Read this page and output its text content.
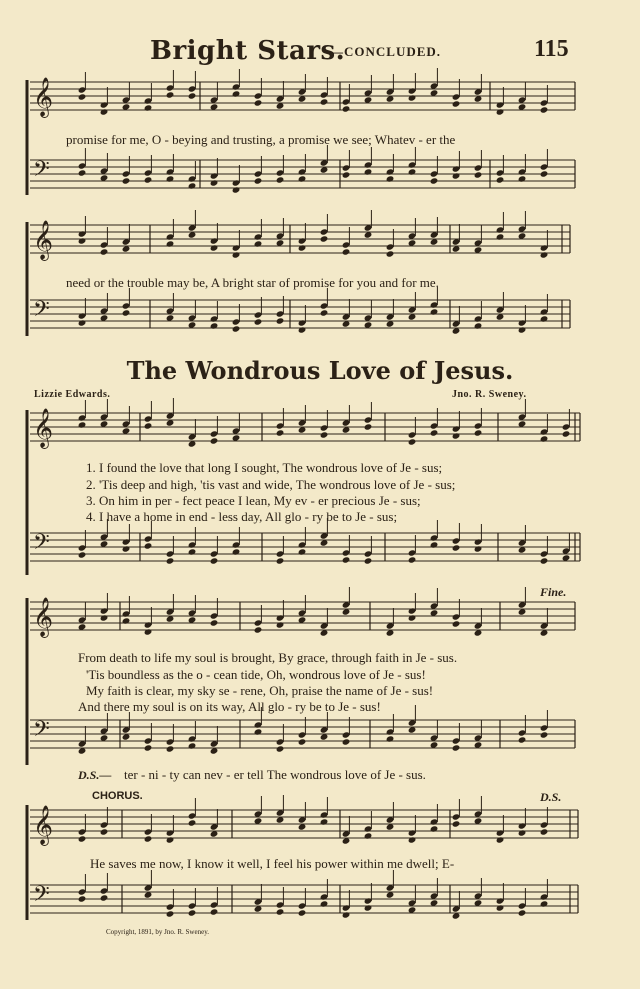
𝄞
𝄢
𝄞
𝄢
𝄞
𝄢
𝄞
𝄢
𝄞
𝄢
Bright Stars.
—CONCLUDED.	115
promise for me, O - beying and trusting, a promise we see; Whatev - er the
need or the trouble may be, A bright star of promise for you and for me.
The Wondrous Love of Jesus.
Lizzie Edwards.	Jno. R. Sweney.
1. I found the love that long I sought, The wondrous love of Je - sus;
2. 'Tis deep and high, 'tis vast and wide, The wondrous love of Je - sus;
3. On him in per - fect peace I lean, My ev - er precious Je - sus;
4. I have a home in end - less day, All glo - ry be to Je - sus;
Fine.
From death to life my soul is brought, By grace, through faith in Je - sus.
'Tis boundless as the o - cean tide, Oh, wondrous love of Je - sus!
My faith is clear, my sky se - rene, Oh, praise the name of Je - sus!
And there my soul is on its way, All glo - ry be to Je - sus!
D.S.— ter - ni - ty can nev - er tell The wondrous love of Je - sus.
CHORUS.	D.S.
He saves me now, I know it well, I feel his power within me dwell; E-
Copyright, 1891, by Jno. R. Sweney.
